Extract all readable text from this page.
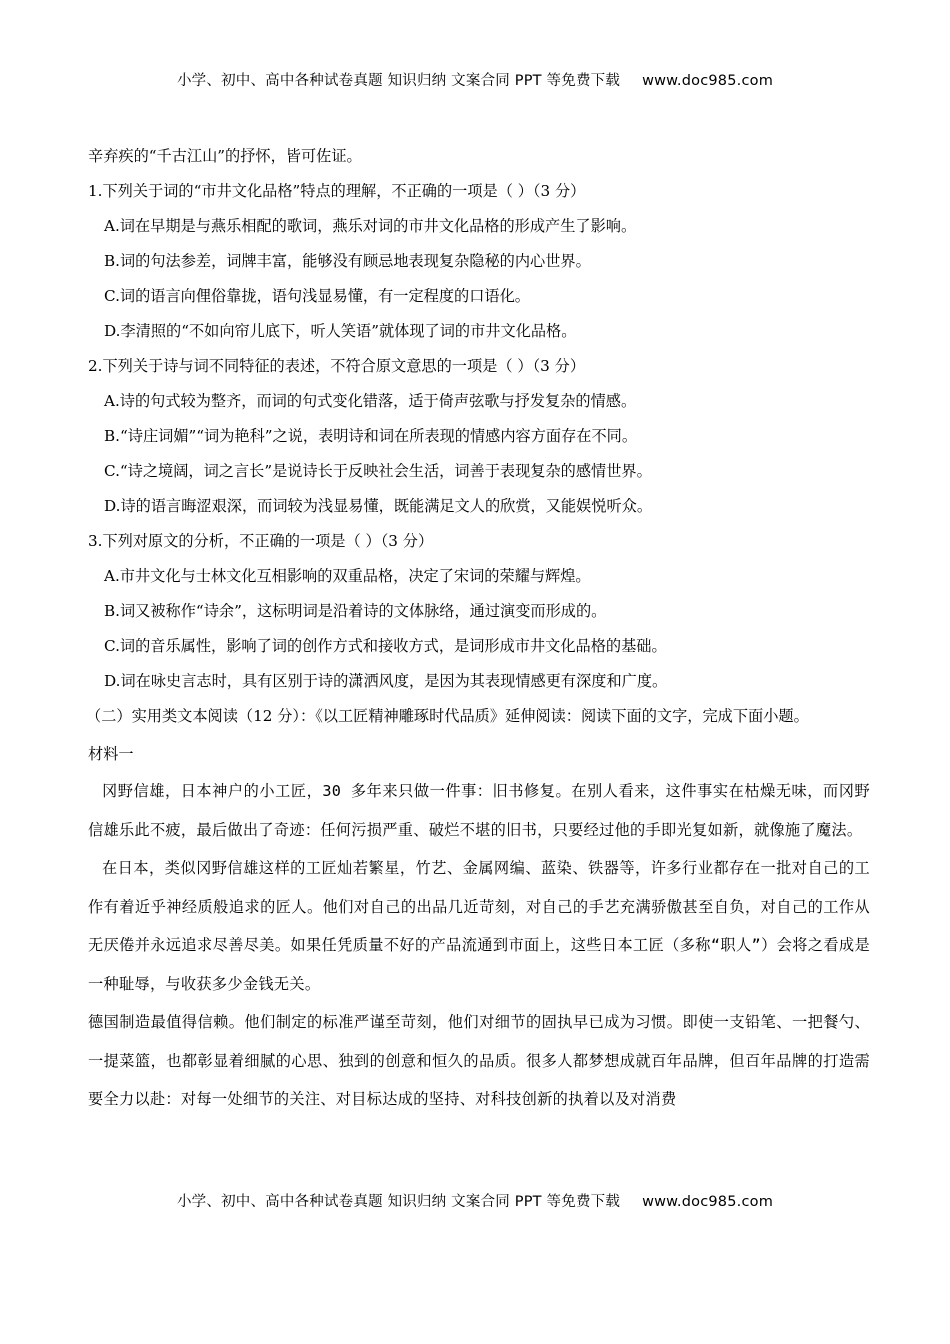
小学、初中、高中各种试卷真题 知识归纳 文案合同 PPT 等免费下载 www.doc985.com
辛弃疾的“千古江山”的抒怀，皆可佐证。
1.下列关于词的“市井文化品格”特点的理解，不正确的一项是（ ）（3 分）
A.词在早期是与燕乐相配的歌词，燕乐对词的市井文化品格的形成产生了影响。
B.词的句法参差，词牌丰富，能够没有顾忌地表现复杂隐秘的内心世界。
C.词的语言向俚俗靠拢，语句浅显易懂，有一定程度的口语化。
D.李清照的“不如向帘儿底下，听人笑语”就体现了词的市井文化品格。
2.下列关于诗与词不同特征的表述，不符合原文意思的一项是（ ）（3 分）
A.诗的句式较为整齐，而词的句式变化错落，适于倚声弦歌与抒发复杂的情感。
B.“诗庄词媚”“词为艳科”之说，表明诗和词在所表现的情感内容方面存在不同。
C.“诗之境阔，词之言长”是说诗长于反映社会生活，词善于表现复杂的感情世界。
D.诗的语言晦涩艰深，而词较为浅显易懂，既能满足文人的欣赏，又能娱悦听众。
3.下列对原文的分析，不正确的一项是（ ）（3 分）
A.市井文化与士林文化互相影响的双重品格，决定了宋词的荣耀与辉煌。
B.词又被称作“诗余”，这标明词是沿着诗的文体脉络，通过演变而形成的。
C.词的音乐属性，影响了词的创作方式和接收方式，是词形成市井文化品格的基础。
D.词在咏史言志时，具有区别于诗的潇洒风度，是因为其表现情感更有深度和广度。
（二）实用类文本阅读（12 分）：《以工匠精神雕琢时代品质》延伸阅读：阅读下面的文字，完成下面小题。
材料一
冈野信雄，日本神户的小工匠，30 多年来只做一件事：旧书修复。在别人看来，这件事实在枯燥无味，而冈野信雄乐此不疲，最后做出了奇迹：任何污损严重、破烂不堪的旧书，只要经过他的手即光复如新，就像施了魔法。
在日本，类似冈野信雄这样的工匠灿若繁星，竹艺、金属网编、蓝染、铁器等，许多行业都存在一批对自己的工作有着近乎神经质般追求的匠人。他们对自己的出品几近苛刻，对自己的手艺充满骄傲甚至自负，对自己的工作从无厌倦并永远追求尽善尽美。如果任凭质量不好的产品流通到市面上，这些日本工匠（多称“职人”）会将之看成是一种耻辱，与收获多少金钱无关。
德国制造最值得信赖。他们制定的标准严谨至苛刻，他们对细节的固执早已成为习惯。即使一支铅笔、一把餐勺、一提菜篮，也都彰显着细腻的心思、独到的创意和恒久的品质。很多人都梦想成就百年品牌，但百年品牌的打造需要全力以赴：对每一处细节的关注、对目标达成的坚持、对科技创新的执着以及对消费
小学、初中、高中各种试卷真题 知识归纳 文案合同 PPT 等免费下载 www.doc985.com
